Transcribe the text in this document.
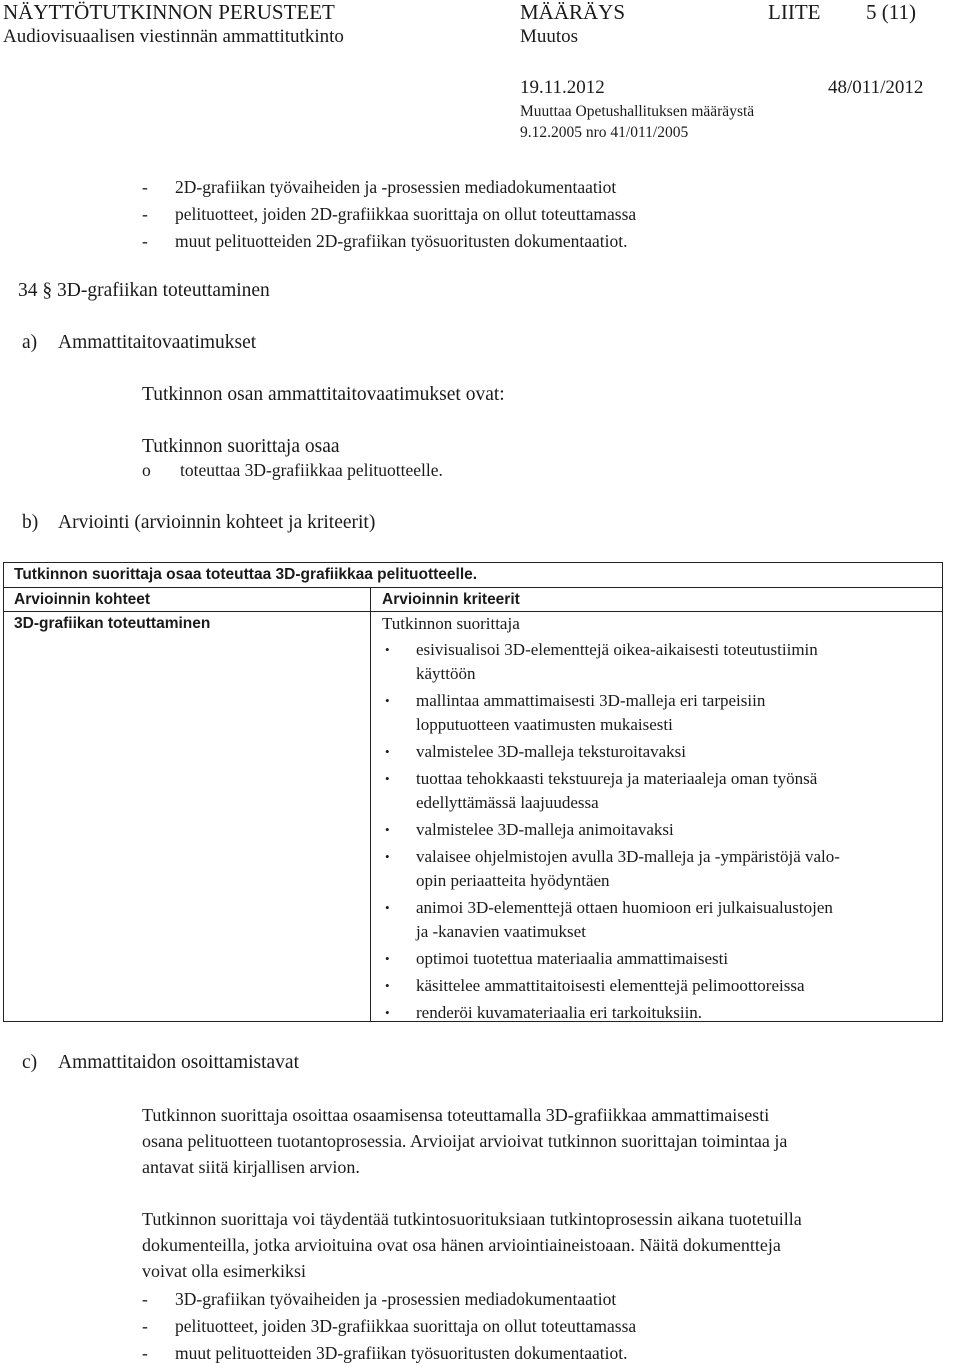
NÄYTTÖTUTKINNON PERUSTEET
Audiovisuaalisen viestinnän ammattitutkinto
MÄÄRÄYS
Muutos
LIITE 5 (11)
19.11.2012	48/011/2012
Muuttaa Opetushallituksen määräystä
9.12.2005 nro 41/011/2005
- 2D-grafiikan työvaiheiden ja -prosessien mediadokumentaatiot
- pelituotteet, joiden 2D-grafiikkaa suorittaja on ollut toteuttamassa
- muut pelituotteiden 2D-grafiikan työsuoritusten dokumentaatiot.
34 § 3D-grafiikan toteuttaminen
a) Ammattitaitovaatimukset
Tutkinnon osan ammattitaitovaatimukset ovat:
Tutkinnon suorittaja osaa
o toteuttaa 3D-grafiikkaa pelituotteelle.
b) Arviointi (arvioinnin kohteet ja kriteerit)
Tutkinnon suorittaja osaa toteuttaa 3D-grafiikkaa pelituotteelle.
Arvioinnin kohteet	Arvioinnin kriteerit
3D-grafiikan toteuttaminen	Tutkinnon suorittaja
• esivisualisoi 3D-elementtejä oikea-aikaisesti toteutustiimin
käyttöön
• mallintaa ammattimaisesti 3D-malleja eri tarpeisiin
lopputuotteen vaatimusten mukaisesti
• valmistelee 3D-malleja teksturoitavaksi
• tuottaa tehokkaasti tekstuureja ja materiaaleja oman työnsä
edellyttämässä laajuudessa
• valmistelee 3D-malleja animoitavaksi
• valaisee ohjelmistojen avulla 3D-malleja ja -ympäristöjä valo-
opin periaatteita hyödyntäen
• animoi 3D-elementtejä ottaen huomioon eri julkaisualustojen
ja -kanavien vaatimukset
• optimoi tuotettua materiaalia ammattimaisesti
• käsittelee ammattitaitoisesti elementtejä pelimoottoreissa
• renderöi kuvamateriaalia eri tarkoituksiin.
c) Ammattitaidon osoittamistavat
Tutkinnon suorittaja osoittaa osaamisensa toteuttamalla 3D-grafiikkaa ammattimaisesti
osana pelituotteen tuotantoprosessia. Arvioijat arvioivat tutkinnon suorittajan toimintaa ja
antavat siitä kirjallisen arvion.
Tutkinnon suorittaja voi täydentää tutkintosuorituksiaan tutkintoprosessin aikana tuotetuilla
dokumenteilla, jotka arvioituina ovat osa hänen arviointiaineistoaan. Näitä dokumentteja
voivat olla esimerkiksi
- 3D-grafiikan työvaiheiden ja -prosessien mediadokumentaatiot
- pelituotteet, joiden 3D-grafiikkaa suorittaja on ollut toteuttamassa
- muut pelituotteiden 3D-grafiikan työsuoritusten dokumentaatiot.
